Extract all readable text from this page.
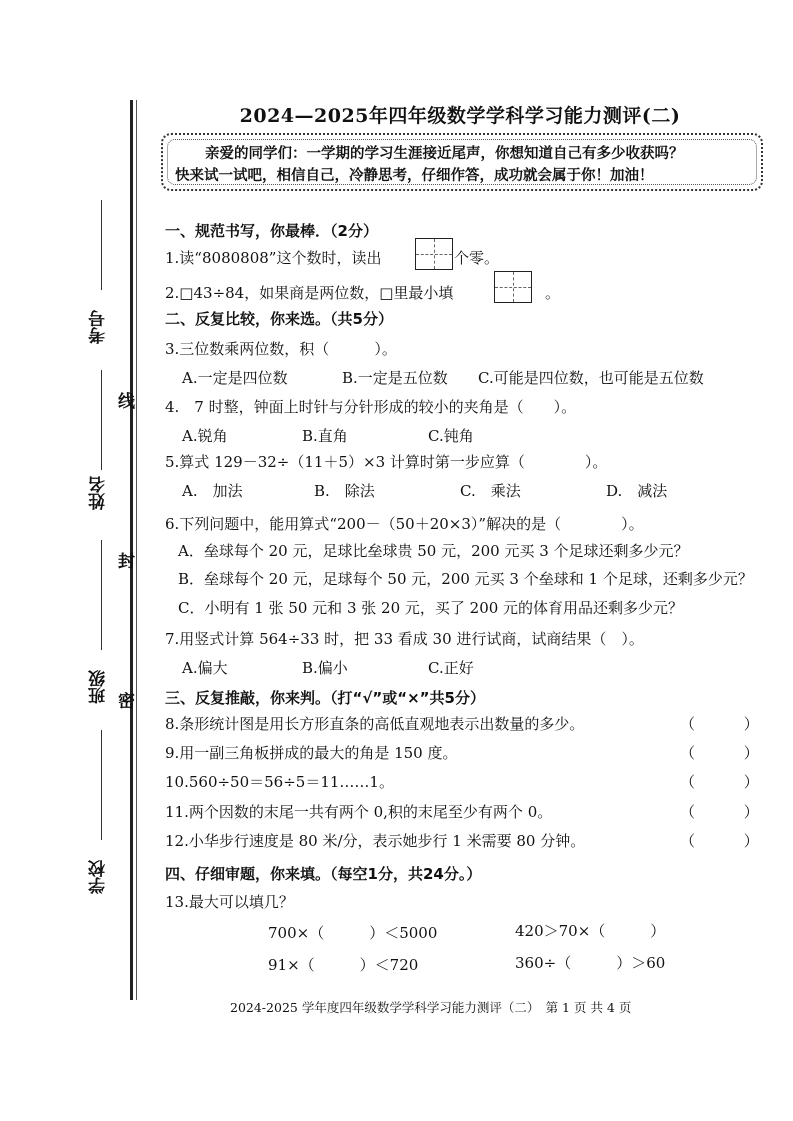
考号
线
姓名
封
班级 密
学校
2024—2025年四年级数学学科学习能力测评(二)
亲爱的同学们：一学期的学习生涯接近尾声，你想知道自己有多少收获吗？
快来试一试吧，相信自己，冷静思考，仔细作答，成功就会属于你！加油！
一、规范书写，你最棒．（2分）
1.读“8080808”这个数时，读出	个零。
2.□43÷84，如果商是两位数，□里最小填	。
二、反复比较，你来选。（共5分）
3.三位数乘两位数，积（　　　）。
A.一定是四位数	B.一定是五位数 C.可能是四位数，也可能是五位数
4.　7 时整，钟面上时针与分针形成的较小的夹角是（　　）。
A.锐角	B.直角	C.钝角
5.算式 129－32÷（11＋5）×3 计算时第一步应算（　　　　）。
A.　加法	B.　除法	C.　乘法	D.　减法
6.下列问题中，能用算式“200－（50＋20×3）”解决的是（　　　　）。
A．垒球每个 20 元，足球比垒球贵 50 元，200 元买 3 个足球还剩多少元？
B．垒球每个 20 元，足球每个 50 元，200 元买 3 个垒球和 1 个足球，还剩多少元？
C．小明有 1 张 50 元和 3 张 20 元，买了 200 元的体育用品还剩多少元？
7.用竖式计算 564÷33 时，把 33 看成 30 进行试商，试商结果（　）。
A.偏大	B.偏小	C.正好
三、反复推敲，你来判。（打“√”或“×”共5分）
8.条形统计图是用长方形直条的高低直观地表示出数量的多少。	（ ）
9.用一副三角板拼成的最大的角是 150 度。	（ ）
10.560÷50＝56÷5＝11……1。	（ ）
11.两个因数的末尾一共有两个 0,积的末尾至少有两个 0。	（ ）
12.小华步行速度是 80 米/分，表示她步行 1 米需要 80 分钟。	（ ）
四、仔细审题，你来填。（每空1分，共24分。）
13.最大可以填几？
700×（　　　）＜5000	420＞70×（　　　）
91×（　　　）＜720	360÷（　　　）＞60
2024-2025 学年度四年级数学学科学习能力测评（二）　第 1 页 共 4 页
